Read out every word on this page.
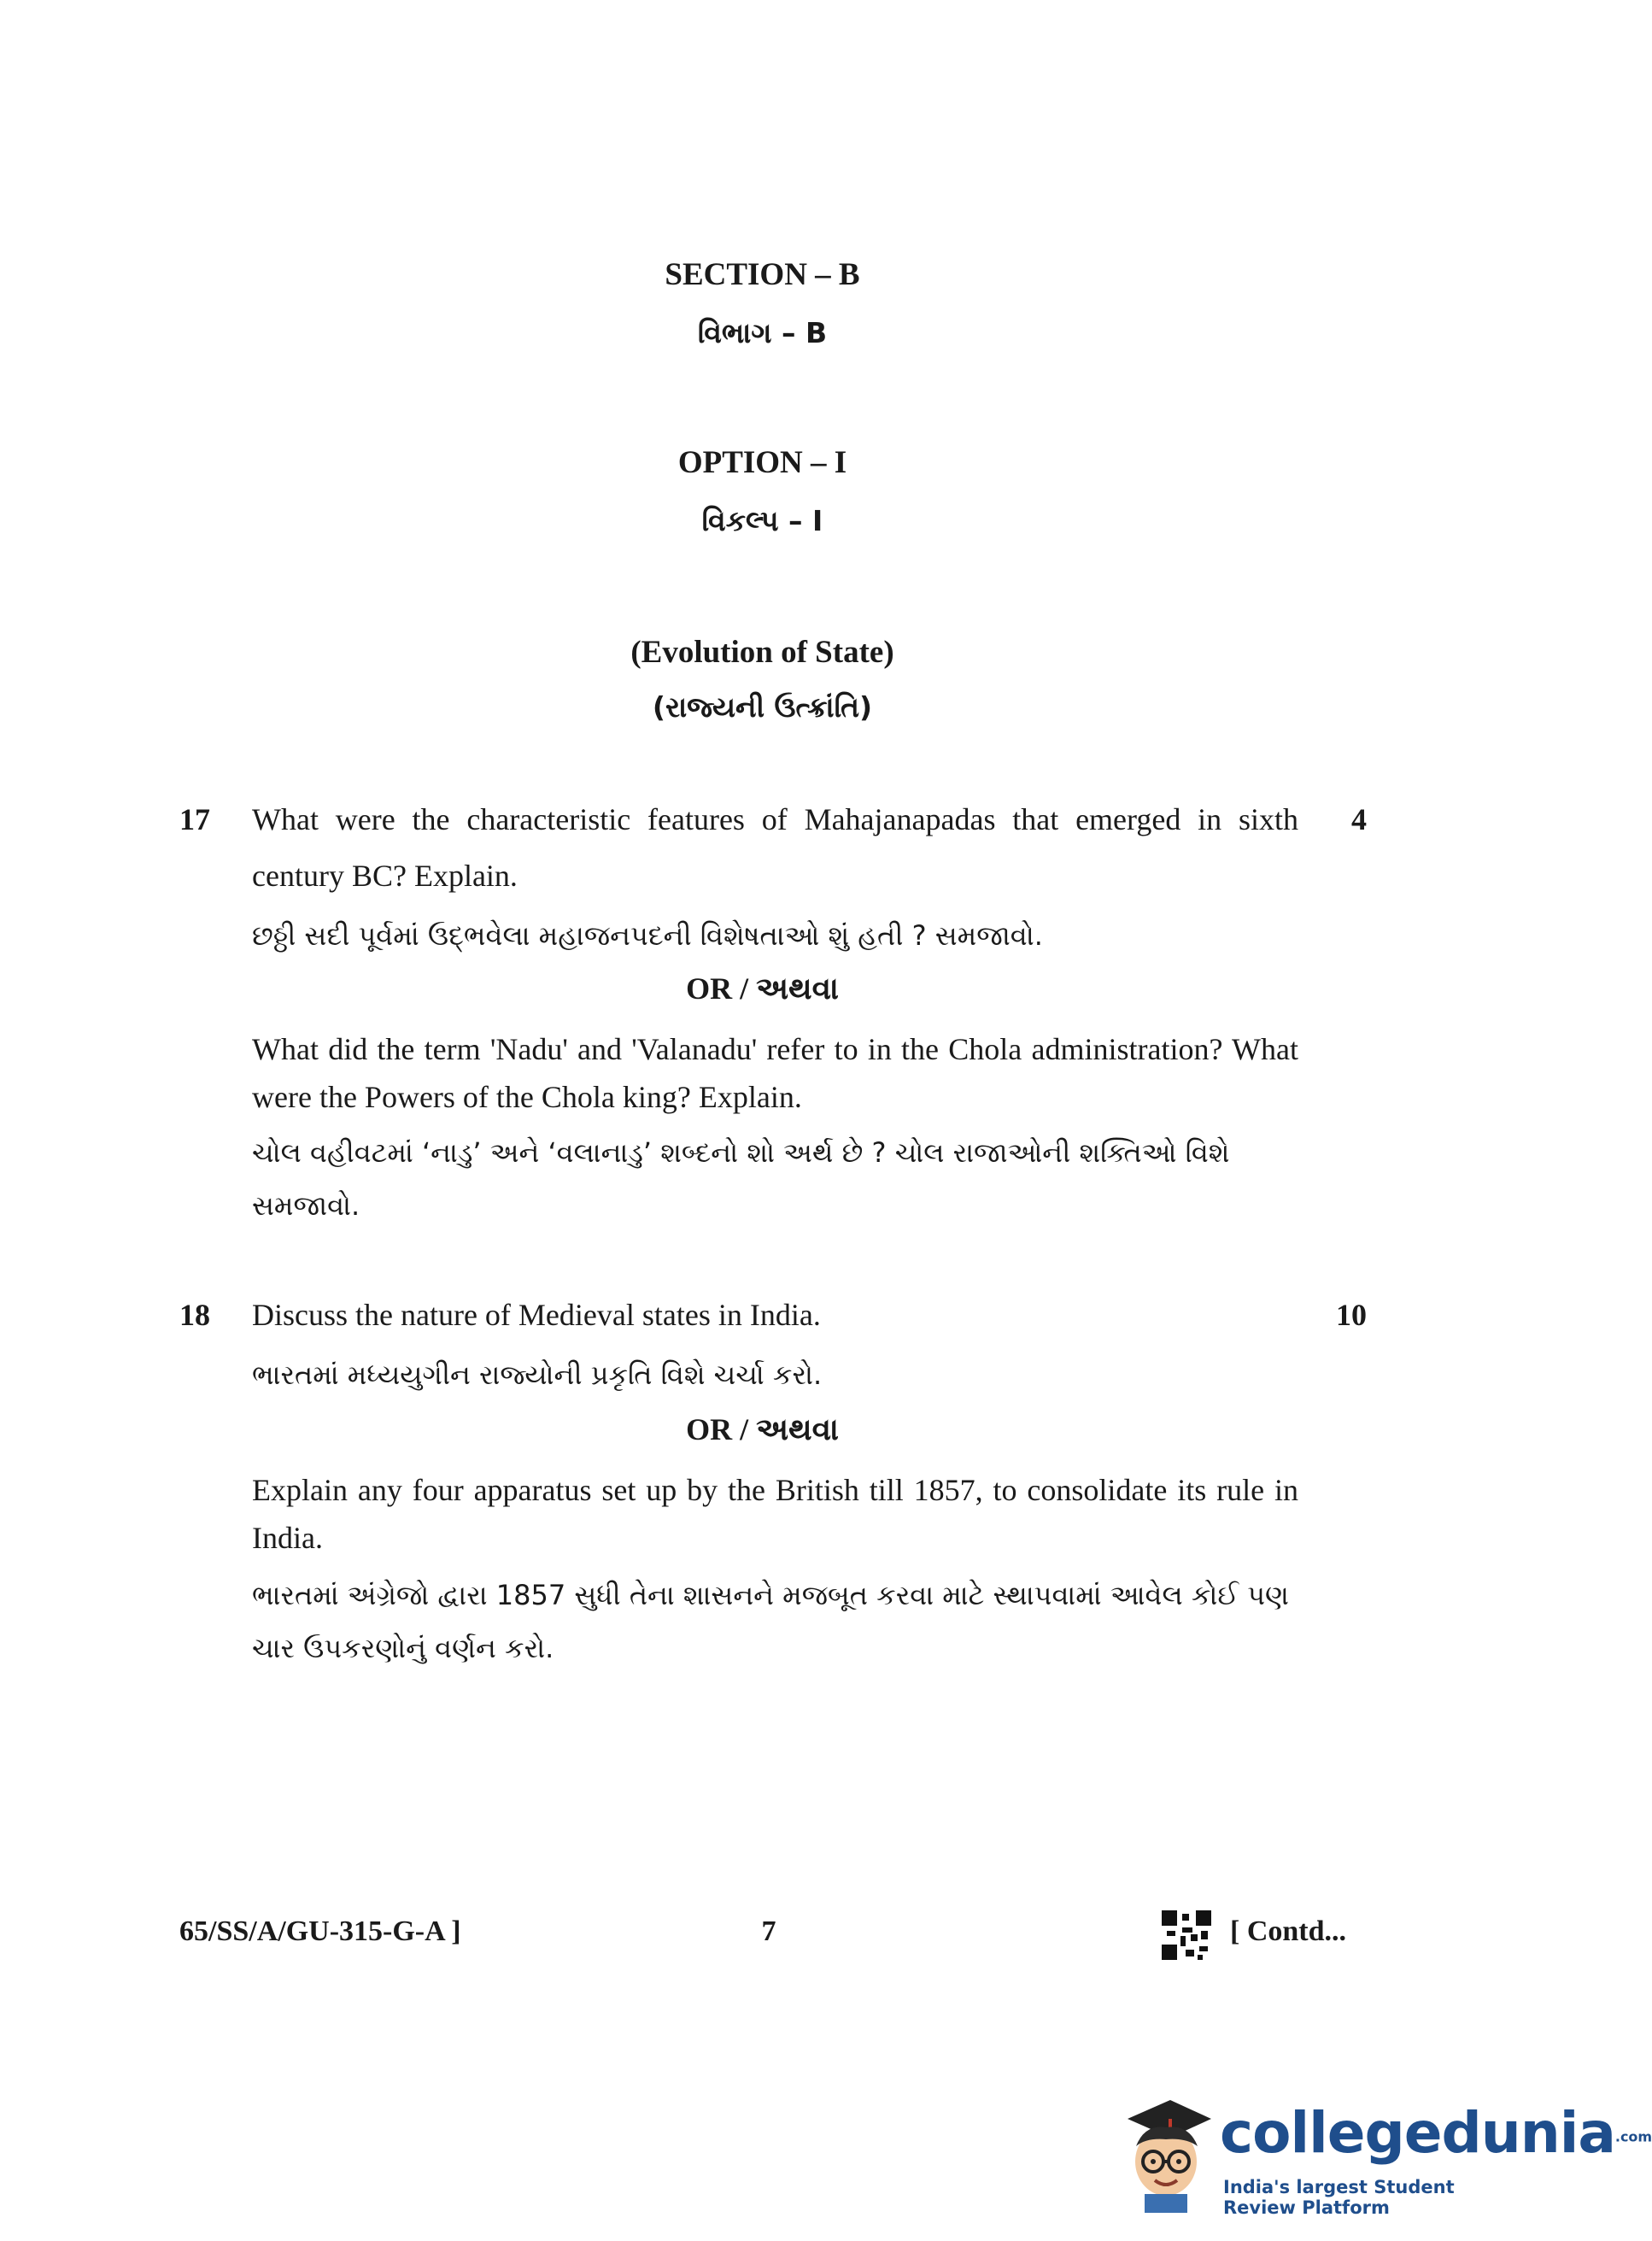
SECTION – B
વિભાગ – B
OPTION – I
વિકલ્પ – I
(Evolution of State)
(રાજ્યની ઉત્ક્રાંતિ)
17	4
What were the characteristic features of Mahajanapadas that emerged in sixth century BC? Explain.
છઠ્ઠી સદી પૂર્વમાં ઉદ્ભવેલા મહાજનપદની વિશેષતાઓ શું હતી ? સમજાવો.
OR / અથવા
What did the term 'Nadu' and 'Valanadu' refer to in the Chola administration? What were the Powers of the Chola king? Explain.
ચોલ વહીવટમાં ‘નાડુ’ અને ‘વલાનાડુ’ શબ્દનો શો અર્થ છે ? ચોલ રાજાઓની શક્તિઓ વિશે સમજાવો.
18	10
Discuss the nature of Medieval states in India.
ભારતમાં મધ્યયુગીન રાજ્યોની પ્રકૃતિ વિશે ચર્ચા કરો.
OR / અથવા
Explain any four apparatus set up by the British till 1857, to consolidate its rule in India.
ભારતમાં અંગ્રેજો દ્વારા 1857 સુધી તેના શાસનને મજબૂત કરવા માટે સ્થાપવામાં આવેલ કોઈ પણ ચાર ઉપકરણોનું વર્ણન કરો.
65/SS/A/GU-315-G-A ]	7	[ Contd...
collegedunia.com
India's largest Student Review Platform
